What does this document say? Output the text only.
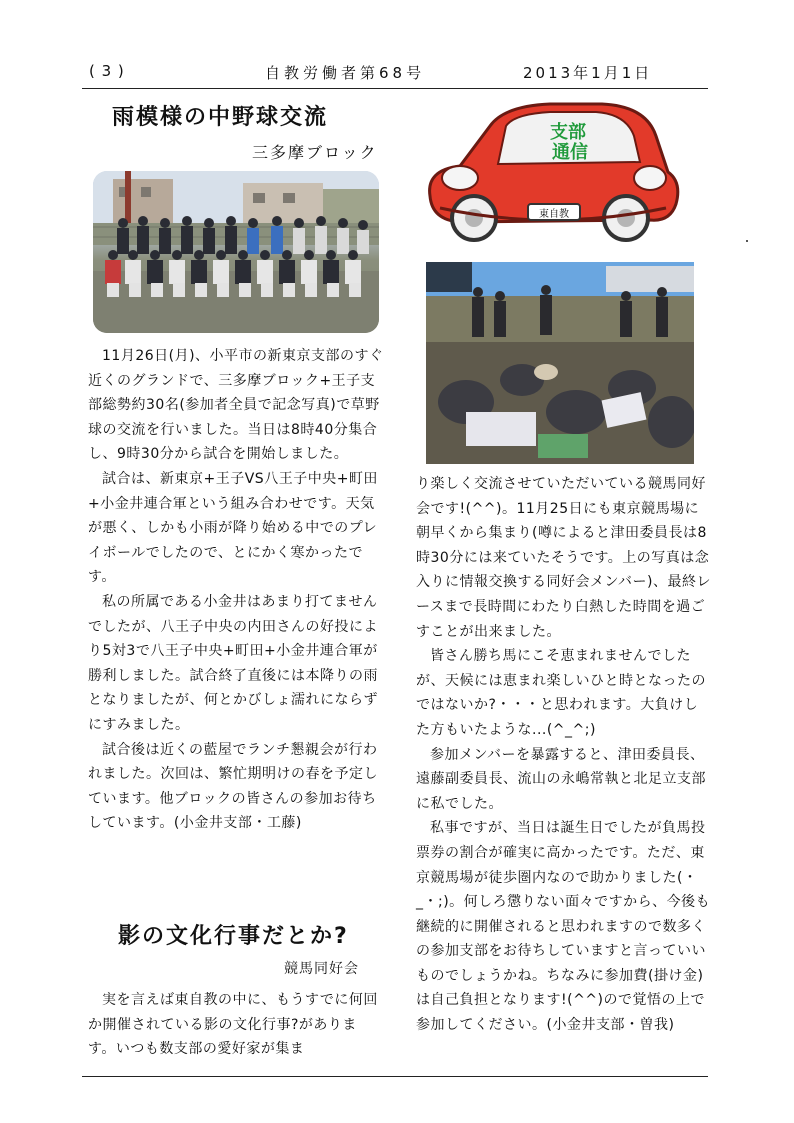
( 3 )	自教労働者第68号	2013年1月1日
雨模様の中野球交流
三多摩ブロック

11月26日(月)、小平市の新東京支部のすぐ近くのグランドで、三多摩ブロック+王子支部総勢約30名(参加者全員で記念写真)で草野球の交流を行いました。当日は8時40分集合し、9時30分から試合を開始しました。

試合は、新東京+王子VS八王子中央+町田+小金井連合軍という組み合わせです。天気が悪く、しかも小雨が降り始める中でのプレイボールでしたので、とにかく寒かったです。

私の所属である小金井はあまり打てませんでしたが、八王子中央の内田さんの好投により5対3で八王子中央+町田+小金井連合軍が勝利しました。試合終了直後には本降りの雨となりましたが、何とかびしょ濡れにならずにすみました。

試合後は近くの藍屋でランチ懇親会が行われました。次回は、繁忙期明けの春を予定しています。他ブロックの皆さんの参加お待ちしています。(小金井支部・工藤)

影の文化行事だとか?
競馬同好会

実を言えば東自教の中に、もうすでに何回か開催されている影の文化行事?があります。いつも数支部の愛好家が集ま

東自教
支部
通信

り楽しく交流させていただいている競馬同好会です!(^^)。11月25日にも東京競馬場に朝早くから集まり(噂によると津田委員長は8時30分には来ていたそうです。上の写真は念入りに情報交換する同好会メンバー)、最終レースまで長時間にわたり白熱した時間を過ごすことが出来ました。

皆さん勝ち馬にこそ恵まれませんでしたが、天候には恵まれ楽しいひと時となったのではないか?・・・と思われます。大負けした方もいたような...(^_^;)

参加メンバーを暴露すると、津田委員長、遠藤副委員長、流山の永嶋常執と北足立支部に私でした。

私事ですが、当日は誕生日でしたが負馬投票券の割合が確実に高かったです。ただ、東京競馬場が徒歩圏内なので助かりました(・_・;)。何しろ懲りない面々ですから、今後も継続的に開催されると思われますので数多くの参加支部をお待ちしていますと言っていいものでしょうかね。ちなみに参加費(掛け金)は自己負担となります!(^^)ので覚悟の上で参加してください。(小金井支部・曽我)
